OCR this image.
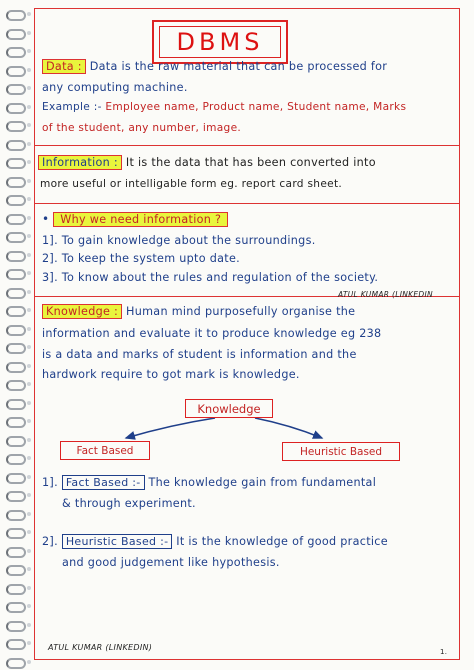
DBMS
Data : Data is the raw material that can be processed for
any computing machine.
Example :- Employee name, Product name, Student name, Marks
of the student, any number, image.
Information : It is the data that has been converted into
more useful or intelligable form eg. report card sheet.
• Why we need information ?
1]. To gain knowledge about the surroundings.
2]. To keep the system upto date.
3]. To know about the rules and regulation of the society.
ATUL KUMAR (LINKEDIN
Knowledge : Human mind purposefully organise the
information and evaluate it to produce knowledge eg 238
is a data and marks of student is information and the
hardwork require to got mark is knowledge.
Knowledge
Fact Based	Heuristic Based
1]. Fact Based :- The knowledge gain from fundamental
& through experiment.
2]. Heuristic Based :- It is the knowledge of good practice
and good judgement like hypothesis.
ATUL KUMAR (LINKEDIN)	1.
